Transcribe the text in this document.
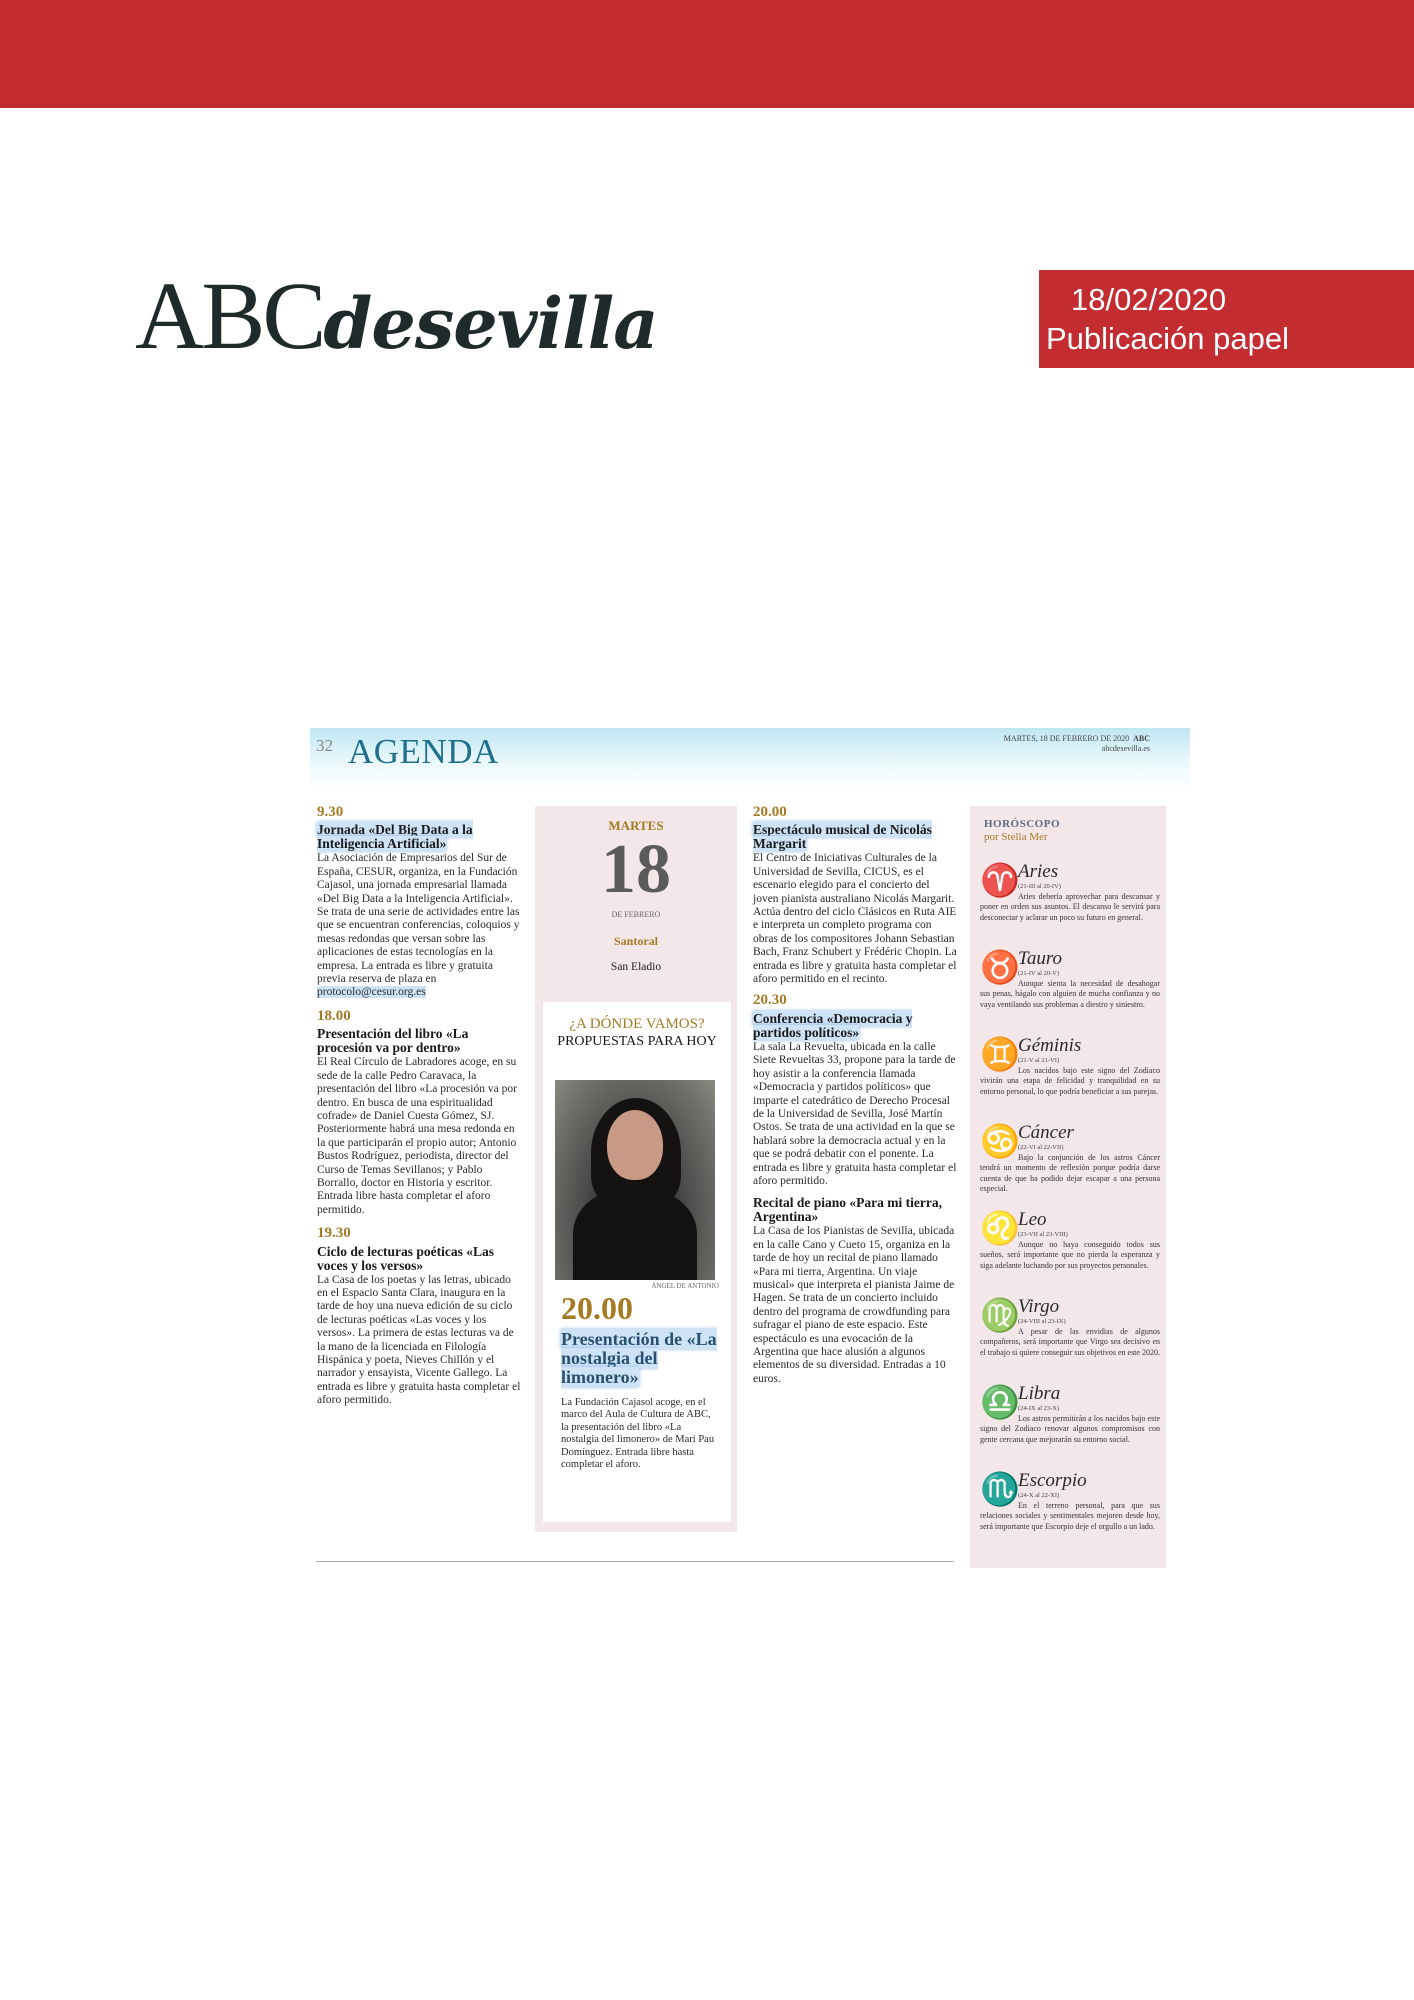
ABC desevilla	18/02/2020
Publicación papel
32 AGENDA	MARTES, 18 DE FEBRERO DE 2020 ABC
abcdesevilla.es
9.30
Jornada «Del Big Data a la Inteligencia Artificial»
La Asociación de Empresarios del Sur de España, CESUR, organiza, en la Fundación Cajasol, una jornada empresarial llamada «Del Big Data a la Inteligencia Artificial». Se trata de una serie de actividades entre las que se encuentran conferencias, coloquios y mesas redondas que versan sobre las aplicaciones de estas tecnologías en la empresa. La entrada es libre y gratuita previa reserva de plaza en protocolo@cesur.org.es
18.00
Presentación del libro «La procesión va por dentro»
El Real Círculo de Labradores acoge, en su sede de la calle Pedro Caravaca, la presentación del libro «La procesión va por dentro. En busca de una espiritualidad cofrade» de Daniel Cuesta Gómez, SJ. Posteriormente habrá una mesa redonda en la que participarán el propio autor; Antonio Bustos Rodríguez, periodista, director del Curso de Temas Sevillanos; y Pablo Borrallo, doctor en Historia y escritor. Entrada libre hasta completar el aforo permitido.
19.30
Ciclo de lecturas poéticas «Las voces y los versos»
La Casa de los poetas y las letras, ubicado en el Espacio Santa Clara, inaugura en la tarde de hoy una nueva edición de su ciclo de lecturas poéticas «Las voces y los versos». La primera de estas lecturas va de la mano de la licenciada en Filología Hispánica y poeta, Nieves Chillón y el narrador y ensayista, Vicente Gallego. La entrada es libre y gratuita hasta completar el aforo permitido.
MARTES
18
DE FEBRERO
Santoral
San Eladio
¿A DÓNDE VAMOS?
PROPUESTAS PARA HOY
ÁNGEL DE ANTONIO
20.00
Presentación de «La nostalgia del limonero»
La Fundación Cajasol acoge, en el marco del Aula de Cultura de ABC, la presentación del libro «La nostalgia del limonero» de Mari Pau Domínguez. Entrada libre hasta completar el aforo.
20.00
Espectáculo musical de Nicolás Margarit
El Centro de Iniciativas Culturales de la Universidad de Sevilla, CICUS, es el escenario elegido para el concierto del joven pianista australiano Nicolás Margarit. Actúa dentro del ciclo Clásicos en Ruta AIE e interpreta un completo programa con obras de los compositores Johann Sebastian Bach, Franz Schubert y Frédéric Chopin. La entrada es libre y gratuita hasta completar el aforo permitido en el recinto.
20.30
Conferencia «Democracia y partidos políticos»
La sala La Revuelta, ubicada en la calle Siete Revueltas 33, propone para la tarde de hoy asistir a la conferencia llamada «Democracia y partidos políticos» que imparte el catedrático de Derecho Procesal de la Universidad de Sevilla, José Martín Ostos. Se trata de una actividad en la que se hablará sobre la democracia actual y en la que se podrá debatir con el ponente. La entrada es libre y gratuita hasta completar el aforo permitido.
Recital de piano «Para mi tierra, Argentina»
La Casa de los Pianistas de Sevilla, ubicada en la calle Cano y Cueto 15, organiza en la tarde de hoy un recital de piano llamado «Para mi tierra, Argentina. Un viaje musical» que interpreta el pianista Jaime de Hagen. Se trata de un concierto incluido dentro del programa de crowdfunding para sufragar el piano de este espacio. Este espectáculo es una evocación de la Argentina que hace alusión a algunos elementos de su diversidad. Entradas a 10 euros.
HORÓSCOPO
por Stella Mer
♈
Aries
(21-III al 20-IV)
Aries debería aprovechar para descansar y poner en orden sus asuntos. El descanso le servirá para desconectar y aclarar un poco su futuro en general.
♉
Tauro
(21-IV al 20-V)
Aunque sienta la necesidad de desahogar sus penas, hágalo con alguien de mucha confianza y no vaya ventilando sus problemas a diestro y siniestro.
♊
Géminis
(21-V al 21-VI)
Los nacidos bajo este signo del Zodiaco vivirán una etapa de felicidad y tranquilidad en su entorno personal, lo que podría beneficiar a sus parejas.
♋
Cáncer
(22-VI al 22-VII)
Bajo la conjunción de los astros Cáncer tendrá un momento de reflexión porque podría darse cuenta de que ha podido dejar escapar a una persona especial.
♌
Leo
(23-VII al 23-VIII)
Aunque no haya conseguido todos sus sueños, será importante que no pierda la esperanza y siga adelante luchando por sus proyectos personales.
♍
Virgo
(24-VIII al 23-IX)
A pesar de las envidias de algunos compañeros, será importante que Virgo sea decisivo en el trabajo si quiere conseguir sus objetivos en este 2020.
♎
Libra
(24-IX al 23-X)
Los astros permitirán a los nacidos bajo este signo del Zodiaco renovar algunos compromisos con gente cercana que mejorarán su entorno social.
♏
Escorpio
(24-X al 22-XI)
En el terreno personal, para que sus relaciones sociales y sentimentales mejoren desde hoy, será importante que Escorpio deje el orgullo a un lado.
